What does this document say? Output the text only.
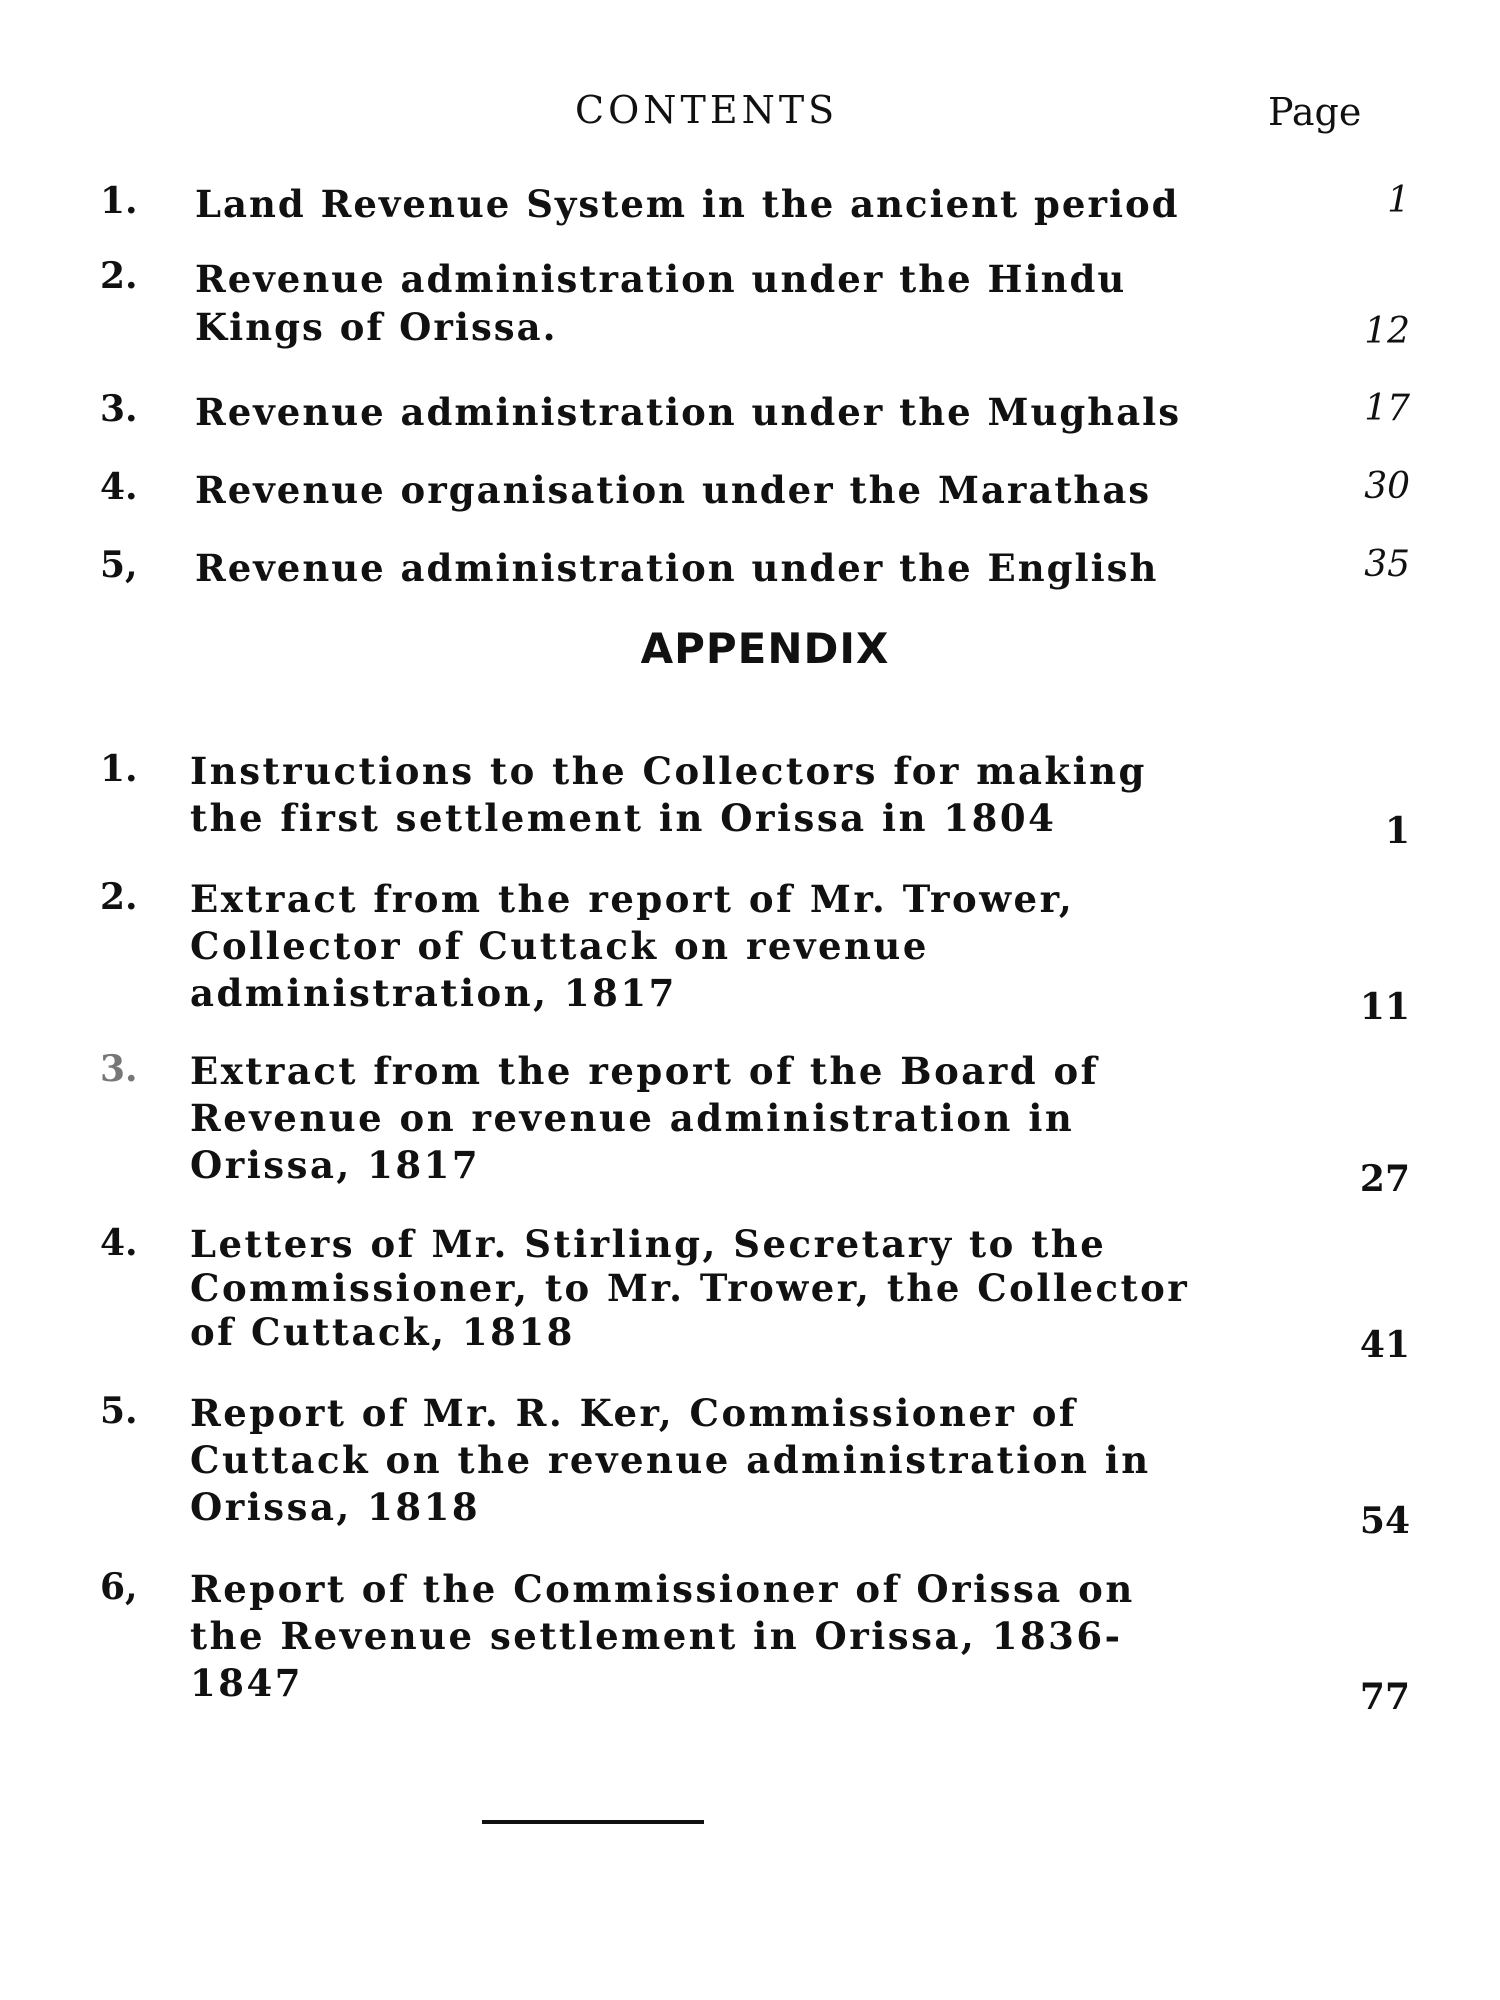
CONTENTS	Page
1. Land Revenue System in the ancient period	1
2. Revenue administration under the Hindu Kings of Orissa.	12
3. Revenue administration under the Mughals	17
4. Revenue organisation under the Marathas	30
5, Revenue administration under the English	35
APPENDIX
1. Instructions to the Collectors for making the first settlement in Orissa in 1804	1
2. Extract from the report of Mr. Trower, Collector of Cuttack on revenue administration, 1817	11
3. Extract from the report of the Board of Revenue on revenue administration in Orissa, 1817	27
4. Letters of Mr. Stirling, Secretary to the Commissioner, to Mr. Trower, the Collector of Cuttack, 1818	41
5. Report of Mr. R. Ker, Commissioner of Cuttack on the revenue administration in Orissa, 1818	54
6, Report of the Commissioner of Orissa on the Revenue settlement in Orissa, 1836-1847	77
